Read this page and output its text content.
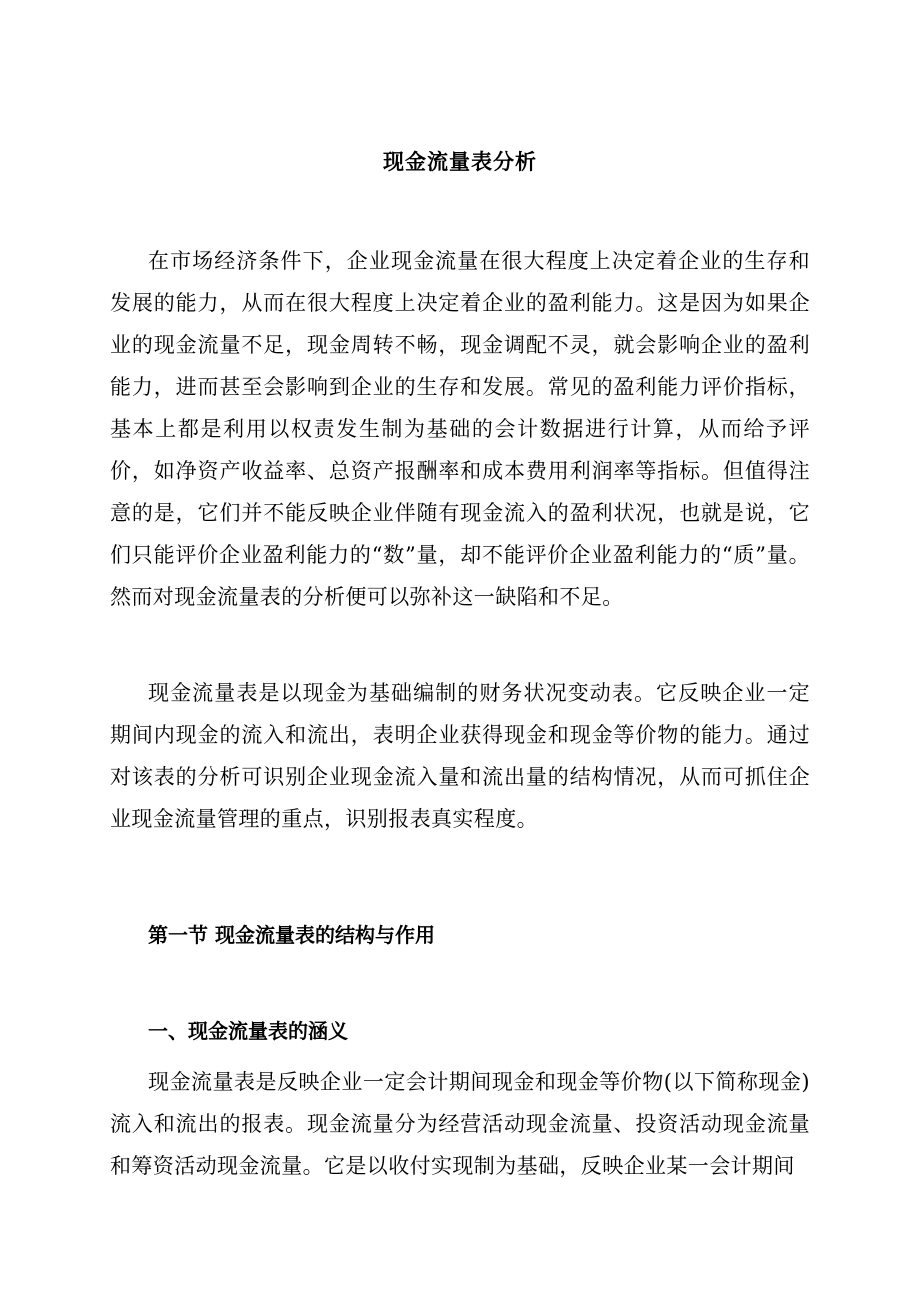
现金流量表分析
在市场经济条件下，企业现金流量在很大程度上决定着企业的生存和发展的能力，从而在很大程度上决定着企业的盈利能力。这是因为如果企业的现金流量不足，现金周转不畅，现金调配不灵，就会影响企业的盈利能力，进而甚至会影响到企业的生存和发展。常见的盈利能力评价指标，基本上都是利用以权责发生制为基础的会计数据进行计算，从而给予评价，如净资产收益率、总资产报酬率和成本费用利润率等指标。但值得注意的是，它们并不能反映企业伴随有现金流入的盈利状况，也就是说，它们只能评价企业盈利能力的“数”量，却不能评价企业盈利能力的“质”量。然而对现金流量表的分析便可以弥补这一缺陷和不足。
现金流量表是以现金为基础编制的财务状况变动表。它反映企业一定期间内现金的流入和流出，表明企业获得现金和现金等价物的能力。通过对该表的分析可识别企业现金流入量和流出量的结构情况，从而可抓住企业现金流量管理的重点，识别报表真实程度。
第一节 现金流量表的结构与作用
一、现金流量表的涵义
现金流量表是反映企业一定会计期间现金和现金等价物(以下简称现金)流入和流出的报表。现金流量分为经营活动现金流量、投资活动现金流量和筹资活动现金流量。它是以收付实现制为基础，反映企业某一会计期间
